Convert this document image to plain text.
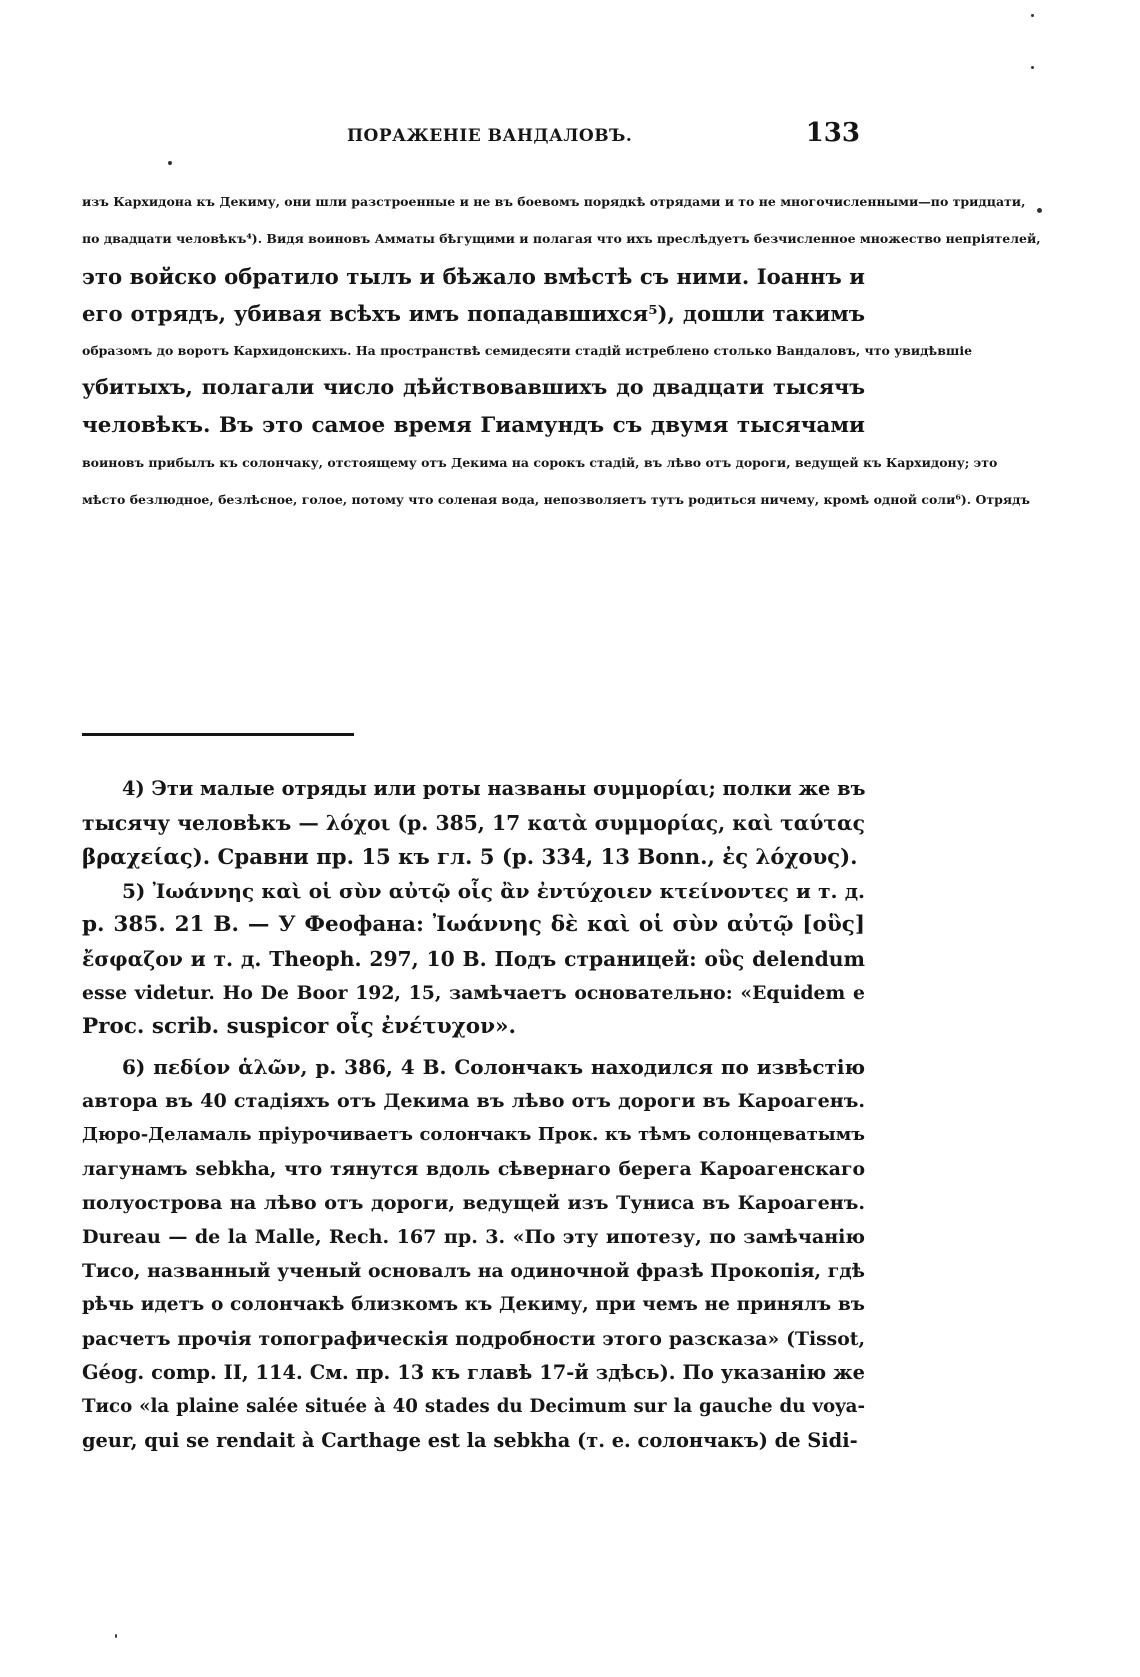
ПОРАЖЕНІЕ ВАНДАЛОВЪ.	133
изъ Кархидона къ Декиму, они шли разстроенные и не въ боевомъ порядкѣ отрядами и то не многочисленными—по тридцати,
по двадцати человѣкъ⁴). Видя воиновъ Амматы бѣгущими и полагая что ихъ преслѣдуетъ безчисленное множество непріятелей,
это войско обратило тылъ и бѣжало вмѣстѣ съ ними. Іоаннъ и
его отрядъ, убивая всѣхъ имъ попадавшихся⁵), дошли такимъ
образомъ до воротъ Кархидонскихъ. На пространствѣ семидесяти стадій истреблено столько Вандаловъ, что увидѣвшіе
убитыхъ, полагали число дѣйствовавшихъ до двадцати тысячъ
человѣкъ. Въ это самое время Гиамундъ съ двумя тысячами
воиновъ прибылъ къ солончаку, отстоящему отъ Декима на сорокъ стадій, въ лѣво отъ дороги, ведущей къ Кархидону; это
мѣсто безлюдное, безлѣсное, голое, потому что соленая вода, непозволяетъ тутъ родиться ничему, кромѣ одной соли⁶). Отрядъ
4) Эти малые отряды или роты названы συμμορίαι; полки же въ
тысячу человѣкъ — λόχοι (p. 385, 17 κατὰ συμμορίας, καὶ ταύτας
βραχείας). Сравни пр. 15 къ гл. 5 (p. 334, 13 Bonn., ἐς λόχους).
5) Ἰωάννης καὶ οἱ σὺν αὐτῷ οἷς ἂν ἐντύχοιεν κτείνοντες и т. д.
p. 385. 21 B. — У Феофана: Ἰωάννης δὲ καὶ οἱ σὺν αὐτῷ [οὓς]
ἔσφαζον и т. д. Theoph. 297, 10 B. Подъ страницей: οὓς delendum
esse videtur. Но De Boor 192, 15, замѣчаетъ основательно: «Equidem e
Proc. scrib. suspicor οἷς ἐνέτυχον».
6) πεδίον ἁλῶν, p. 386, 4 B. Солончакъ находился по извѣстію
автора въ 40 стадіяхъ отъ Декима въ лѣво отъ дороги въ Кароагенъ.
Дюро-Деламаль пріурочиваетъ солончакъ Прок. къ тѣмъ солонцеватымъ
лагунамъ sebkha, что тянутся вдоль сѣвернаго берега Кароагенскаго
полуострова на лѣво отъ дороги, ведущей изъ Туниса въ Кароагенъ.
Dureau — de la Malle, Rech. 167 пр. 3. «По эту ипотезу, по замѣчанію
Тисо, названный ученый основалъ на одиночной фразѣ Прокопія, гдѣ
рѣчь идетъ о солончакѣ близкомъ къ Декиму, при чемъ не принялъ въ
расчетъ прочія топографическія подробности этого разсказа» (Tissot,
Géog. comp. II, 114. См. пр. 13 къ главѣ 17-й здѣсь). По указанію же
Тисо «la plaine salée située à 40 stades du Decimum sur la gauche du voya-
geur, qui se rendait à Carthage est la sebkha (т. е. солончакъ) de Sidi-
